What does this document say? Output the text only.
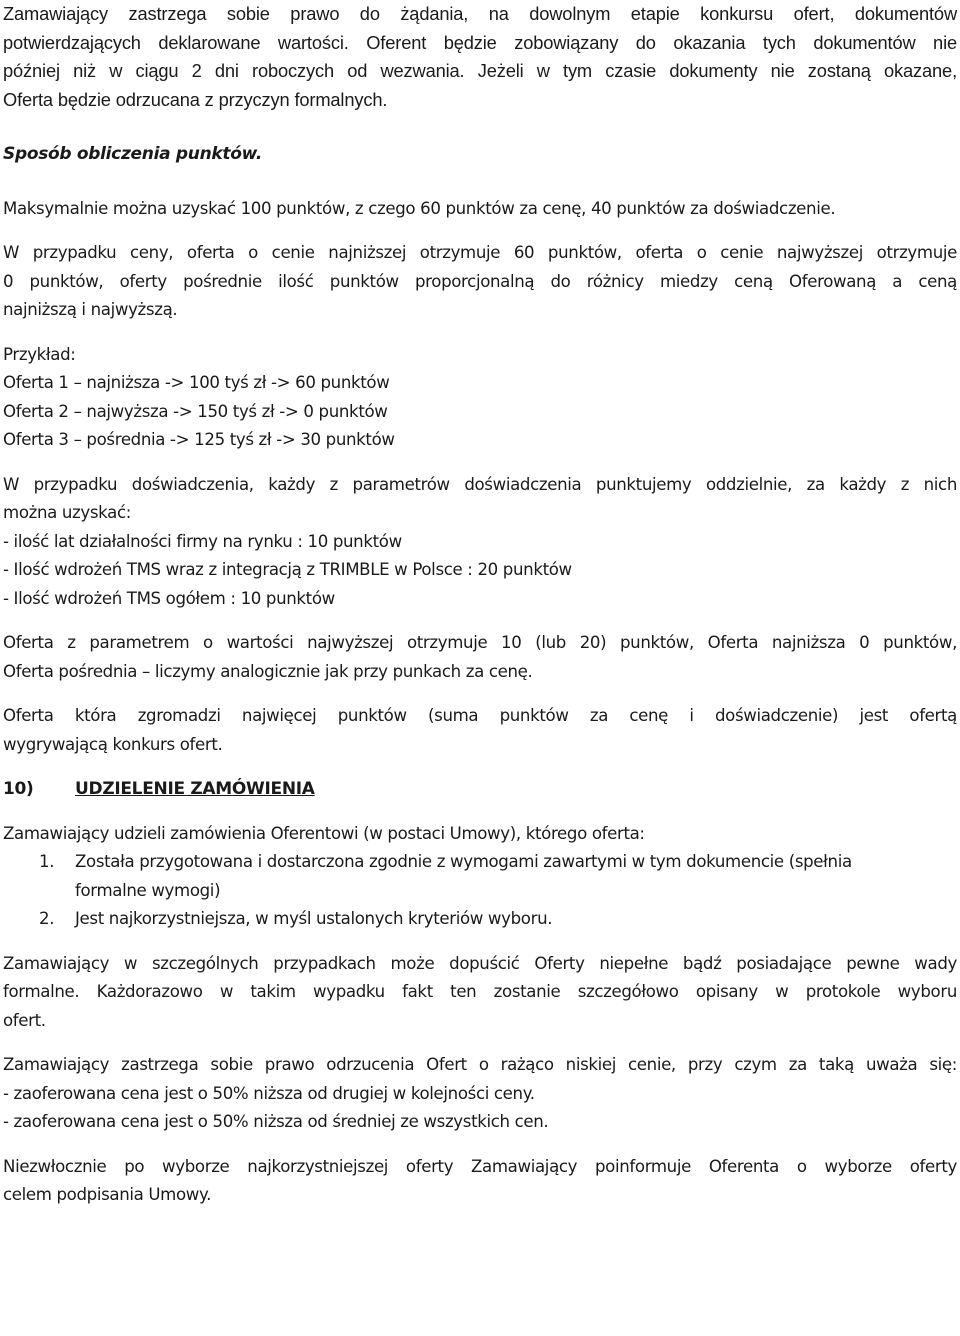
Zamawiający zastrzega sobie prawo do żądania, na dowolnym etapie konkursu ofert, dokumentów
potwierdzających deklarowane wartości. Oferent będzie zobowiązany do okazania tych dokumentów nie
później niż w ciągu 2 dni roboczych od wezwania. Jeżeli w tym czasie dokumenty nie zostaną okazane,
Oferta będzie odrzucana z przyczyn formalnych.

Sposób obliczenia punktów.

Maksymalnie można uzyskać 100 punktów, z czego 60 punktów za cenę, 40 punktów za doświadczenie.

W przypadku ceny, oferta o cenie najniższej otrzymuje 60 punktów, oferta o cenie najwyższej otrzymuje
0 punktów, oferty pośrednie ilość punktów proporcjonalną do różnicy miedzy ceną Oferowaną a ceną
najniższą i najwyższą.
Przykład:
Oferta 1 – najniższa -> 100 tyś zł -> 60 punktów
Oferta 2 – najwyższa -> 150 tyś zł -> 0 punktów
Oferta 3 – pośrednia -> 125 tyś zł -> 30 punktów
W przypadku doświadczenia, każdy z parametrów doświadczenia punktujemy oddzielnie, za każdy z nich
można uzyskać:
- ilość lat działalności firmy na rynku : 10 punktów
- Ilość wdrożeń TMS wraz z integracją z TRIMBLE w Polsce : 20 punktów
- Ilość wdrożeń TMS ogółem : 10 punktów
Oferta z parametrem o wartości najwyższej otrzymuje 10 (lub 20) punktów, Oferta najniższa 0 punktów,
Oferta pośrednia – liczymy analogicznie jak przy punkach za cenę.
Oferta która zgromadzi najwięcej punktów (suma punktów za cenę i doświadczenie) jest ofertą
wygrywającą konkurs ofert.
10)	UDZIELENIE ZAMÓWIENIA

Zamawiający udzieli zamówienia Oferentowi (w postaci Umowy), którego oferta:

1.	Została przygotowana i dostarczona zgodnie z wymogami zawartymi w tym dokumencie (spełnia
formalne wymogi)
2.	Jest najkorzystniejsza, w myśl ustalonych kryteriów wyboru.
Zamawiający w szczególnych przypadkach może dopuścić Oferty niepełne bądź posiadające pewne wady
formalne. Każdorazowo w takim wypadku fakt ten zostanie szczegółowo opisany w protokole wyboru
ofert.
Zamawiający zastrzega sobie prawo odrzucenia Ofert o rażąco niskiej cenie, przy czym za taką uważa się:
- zaoferowana cena jest o 50% niższa od drugiej w kolejności ceny.
- zaoferowana cena jest o 50% niższa od średniej ze wszystkich cen.
Niezwłocznie po wyborze najkorzystniejszej oferty Zamawiający poinformuje Oferenta o wyborze oferty
celem podpisania Umowy.
